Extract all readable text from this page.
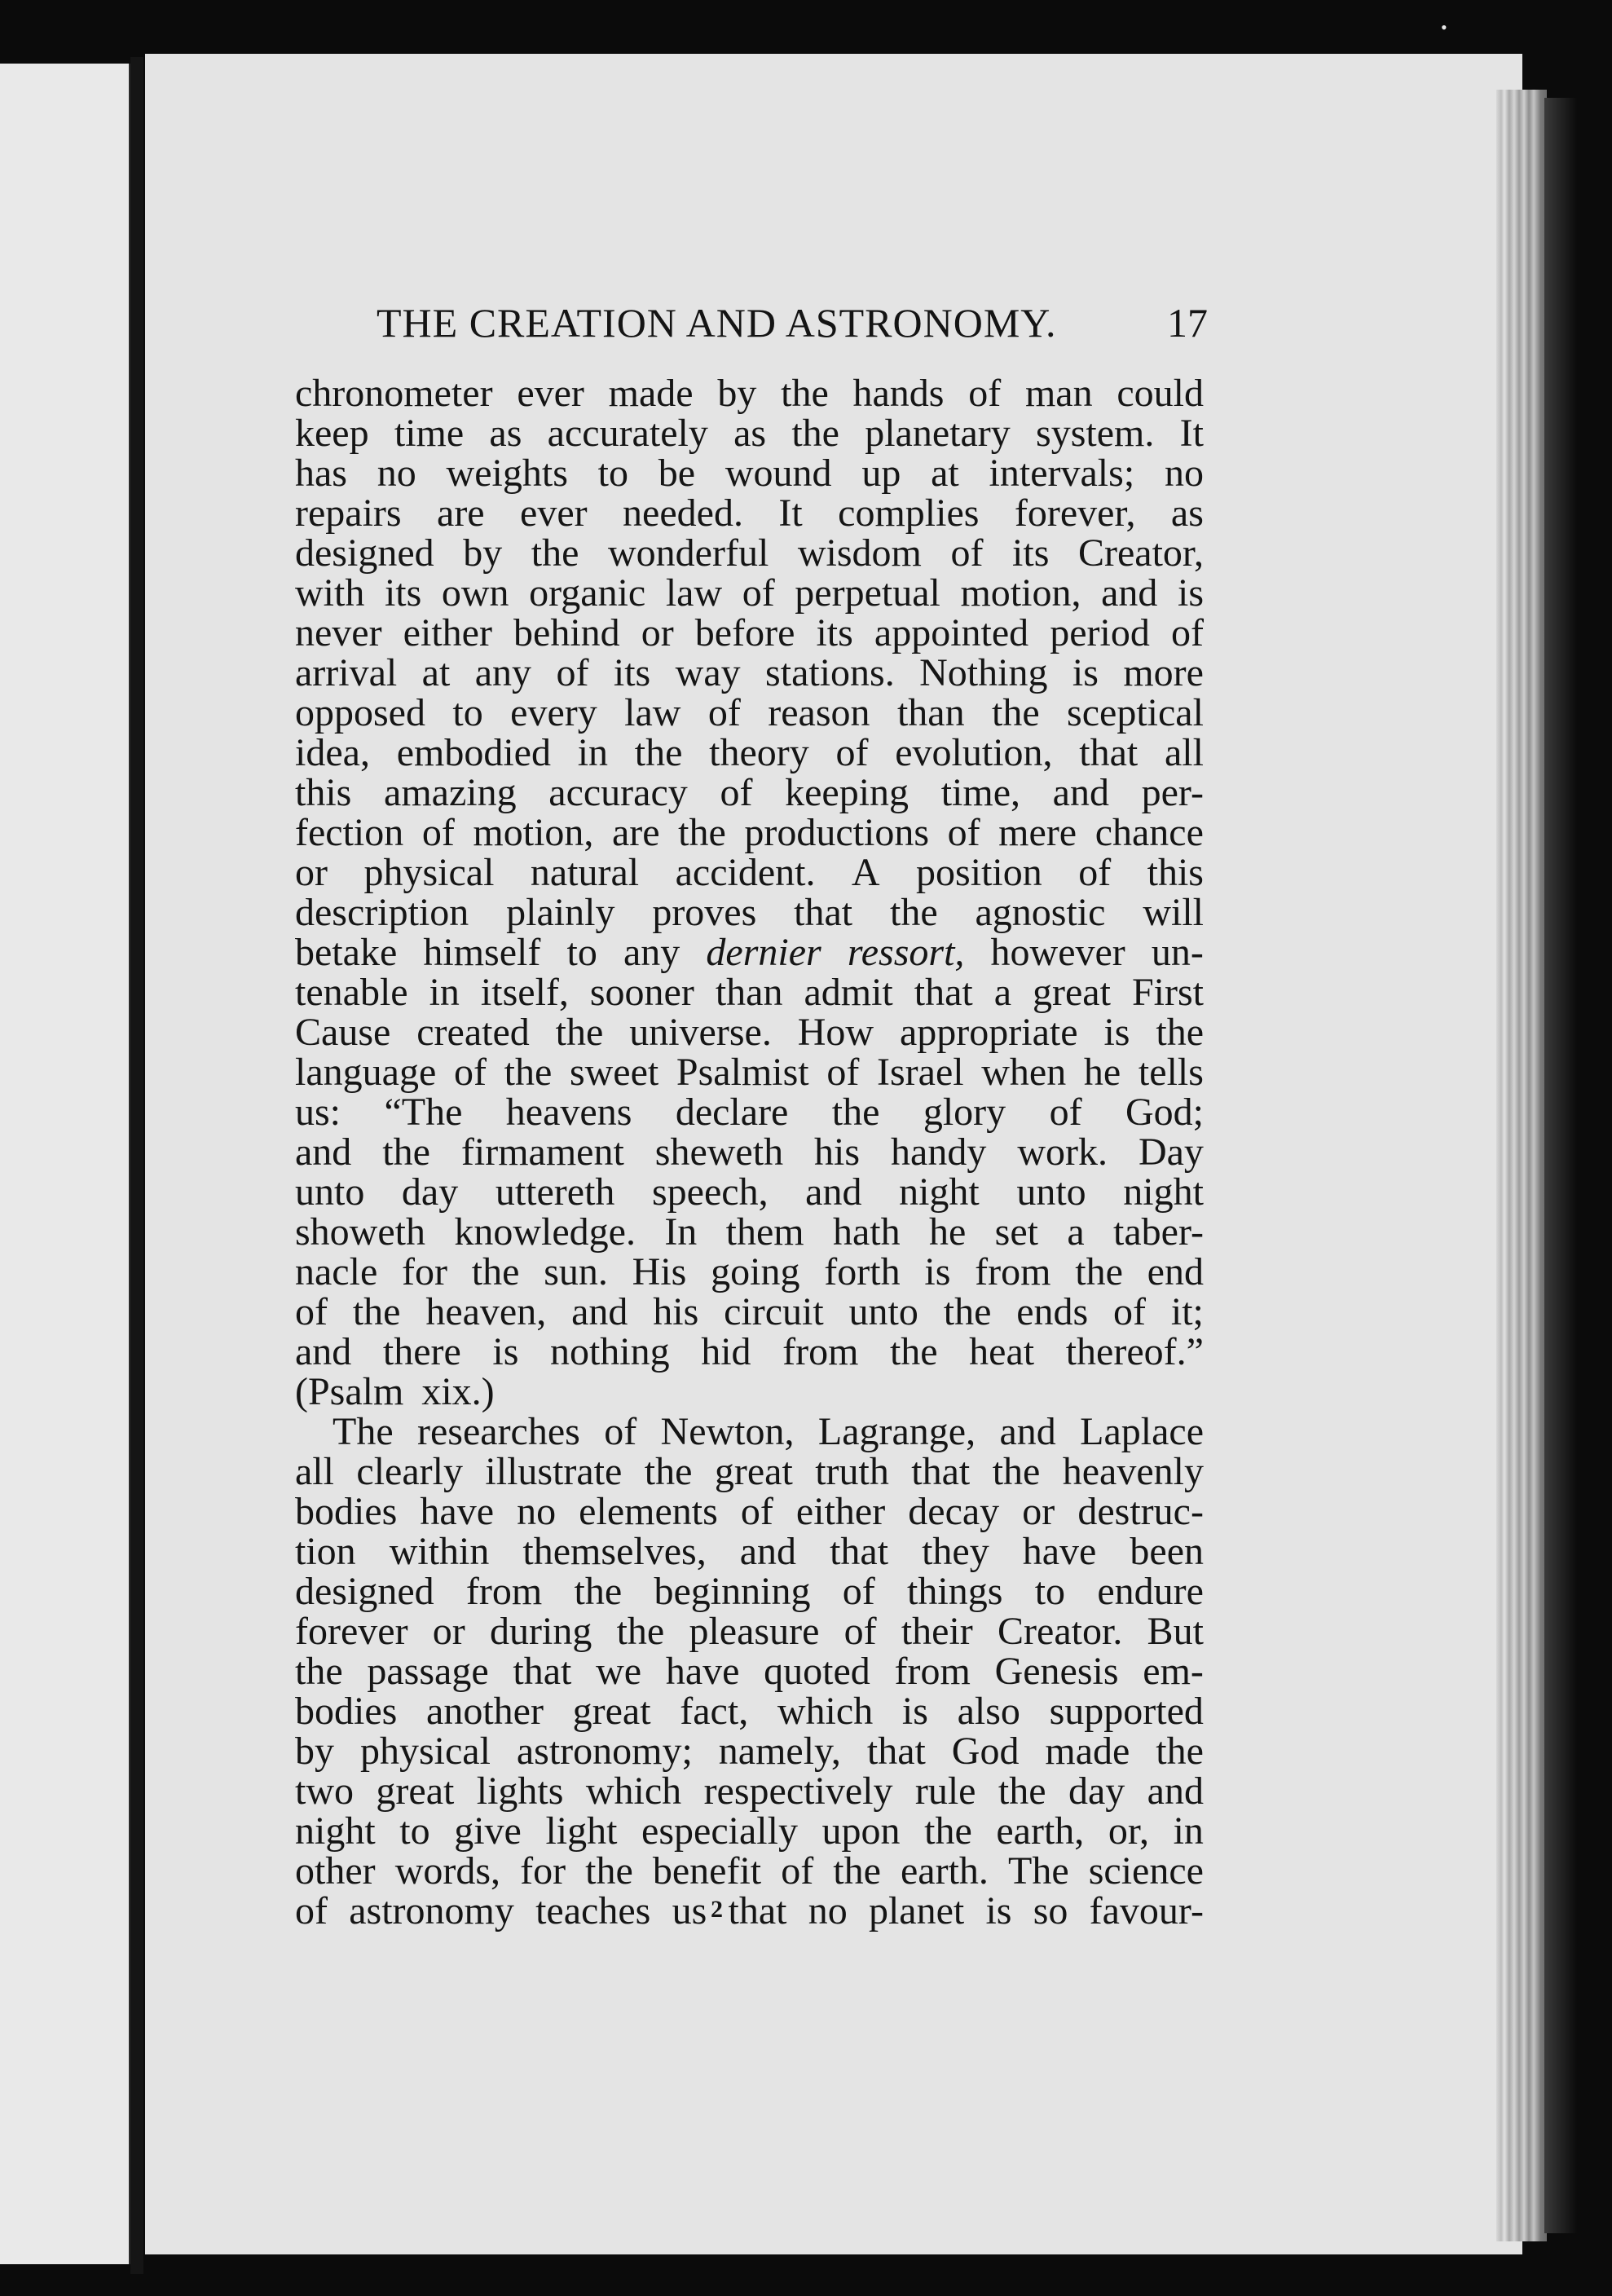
•
THE CREATION AND ASTRONOMY.	17
chronometer ever made by the hands of man could
keep time as accurately as the planetary system. It
has no weights to be wound up at intervals; no
repairs are ever needed. It complies forever, as
designed by the wonderful wisdom of its Creator,
with its own organic law of perpetual motion, and is
never either behind or before its appointed period of
arrival at any of its way stations. Nothing is more
opposed to every law of reason than the sceptical
idea, embodied in the theory of evolution, that all
this amazing accuracy of keeping time, and per-
fection of motion, are the productions of mere chance
or physical natural accident. A position of this
description plainly proves that the agnostic will
betake himself to any dernier ressort, however un-
tenable in itself, sooner than admit that a great First
Cause created the universe. How appropriate is the
language of the sweet Psalmist of Israel when he tells
us: “The heavens declare the glory of God;
and the firmament sheweth his handy work. Day
unto day uttereth speech, and night unto night
showeth knowledge. In them hath he set a taber-
nacle for the sun. His going forth is from the end
of the heaven, and his circuit unto the ends of it;
and there is nothing hid from the heat thereof.”
(Psalm xix.)
The researches of Newton, Lagrange, and Laplace
all clearly illustrate the great truth that the heavenly
bodies have no elements of either decay or destruc-
tion within themselves, and that they have been
designed from the beginning of things to endure
forever or during the pleasure of their Creator. But
the passage that we have quoted from Genesis em-
bodies another great fact, which is also supported
by physical astronomy; namely, that God made the
two great lights which respectively rule the day and
night to give light especially upon the earth, or, in
other words, for the benefit of the earth. The science
of astronomy teaches us that no planet is so favour-
2
